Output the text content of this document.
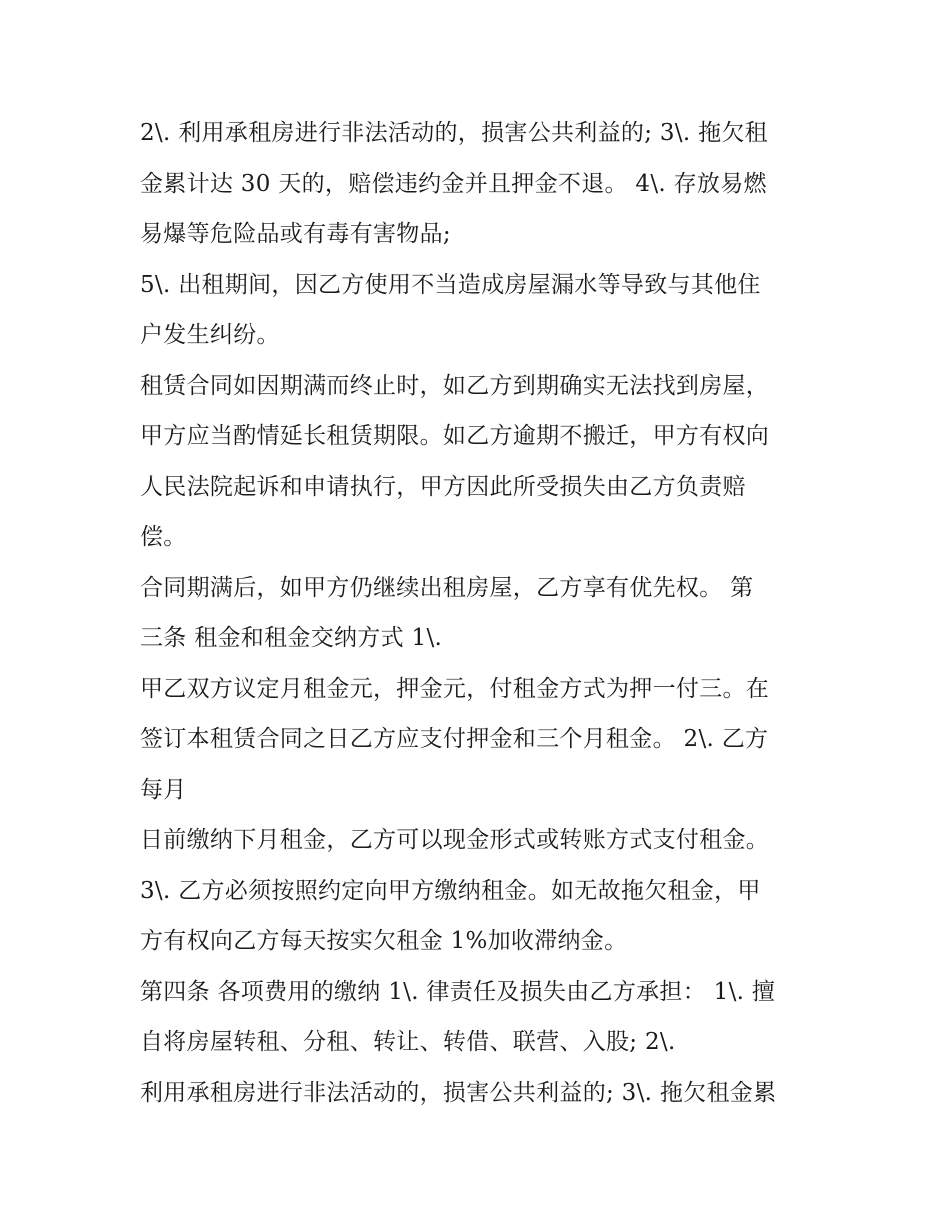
2\. 利用承租房进行非法活动的，损害公共利益的; 3\. 拖欠租
金累计达 30 天的，赔偿违约金并且押金不退。 4\. 存放易燃
易爆等危险品或有毒有害物品;
5\. 出租期间，因乙方使用不当造成房屋漏水等导致与其他住
户发生纠纷。
租赁合同如因期满而终止时，如乙方到期确实无法找到房屋，
甲方应当酌情延长租赁期限。如乙方逾期不搬迁，甲方有权向
人民法院起诉和申请执行，甲方因此所受损失由乙方负责赔
偿。
合同期满后，如甲方仍继续出租房屋，乙方享有优先权。 第
三条 租金和租金交纳方式 1\.
甲乙双方议定月租金元，押金元，付租金方式为押一付三。在
签订本租赁合同之日乙方应支付押金和三个月租金。 2\. 乙方
每月
日前缴纳下月租金，乙方可以现金形式或转账方式支付租金。
3\. 乙方必须按照约定向甲方缴纳租金。如无故拖欠租金，甲
方有权向乙方每天按实欠租金 1%加收滞纳金。
第四条 各项费用的缴纳 1\. 律责任及损失由乙方承担： 1\. 擅
自将房屋转租、分租、转让、转借、联营、入股; 2\.
利用承租房进行非法活动的，损害公共利益的; 3\. 拖欠租金累
